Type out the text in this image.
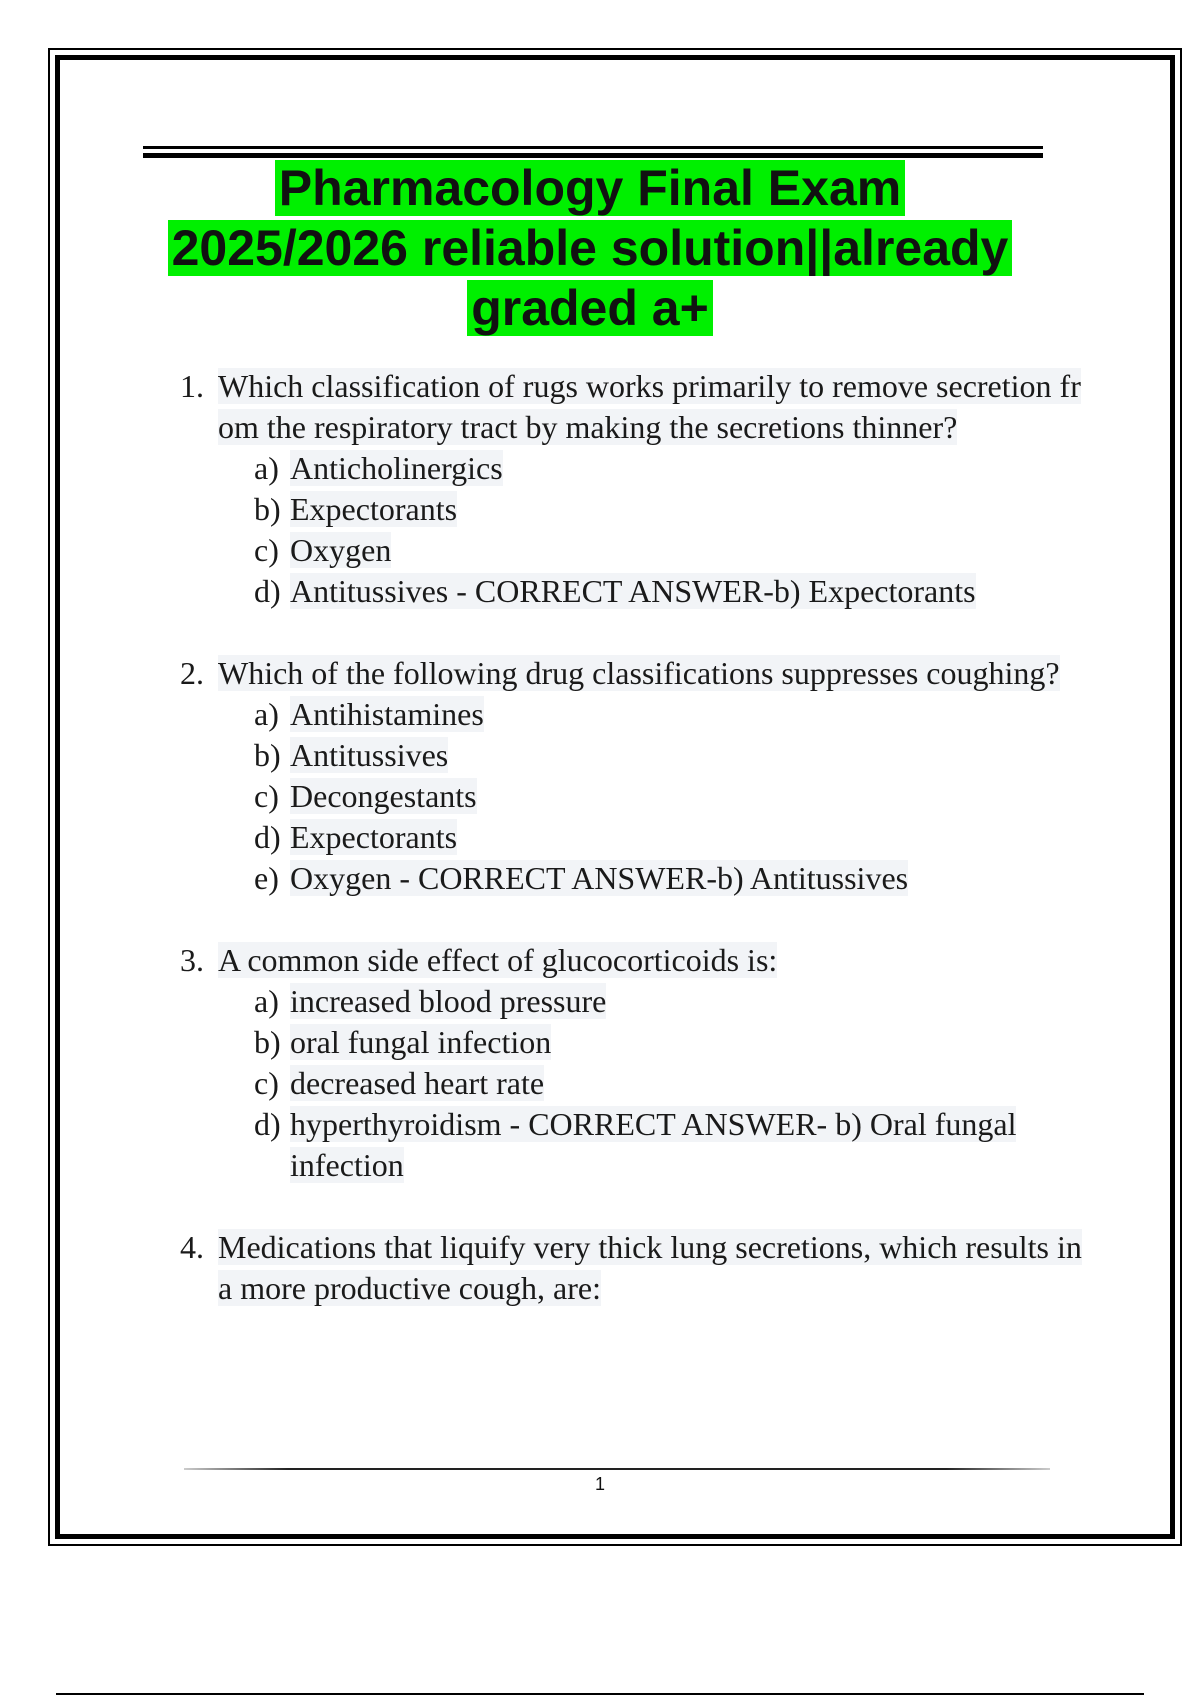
Pharmacology Final Exam
2025/2026 reliable solution||already
graded a+
1. Which classification of rugs works primarily to remove secretion from the respiratory tract by making the secretions thinner?
a) Anticholinergics
b) Expectorants
c) Oxygen
d) Antitussives - CORRECT ANSWER-b) Expectorants
2. Which of the following drug classifications suppresses coughing?
a) Antihistamines
b) Antitussives
c) Decongestants
d) Expectorants
e) Oxygen - CORRECT ANSWER-b) Antitussives
3. A common side effect of glucocorticoids is:
a) increased blood pressure
b) oral fungal infection
c) decreased heart rate
d) hyperthyroidism - CORRECT ANSWER- b) Oral fungal infection
4. Medications that liquify very thick lung secretions, which results in a more productive cough, are:
1
